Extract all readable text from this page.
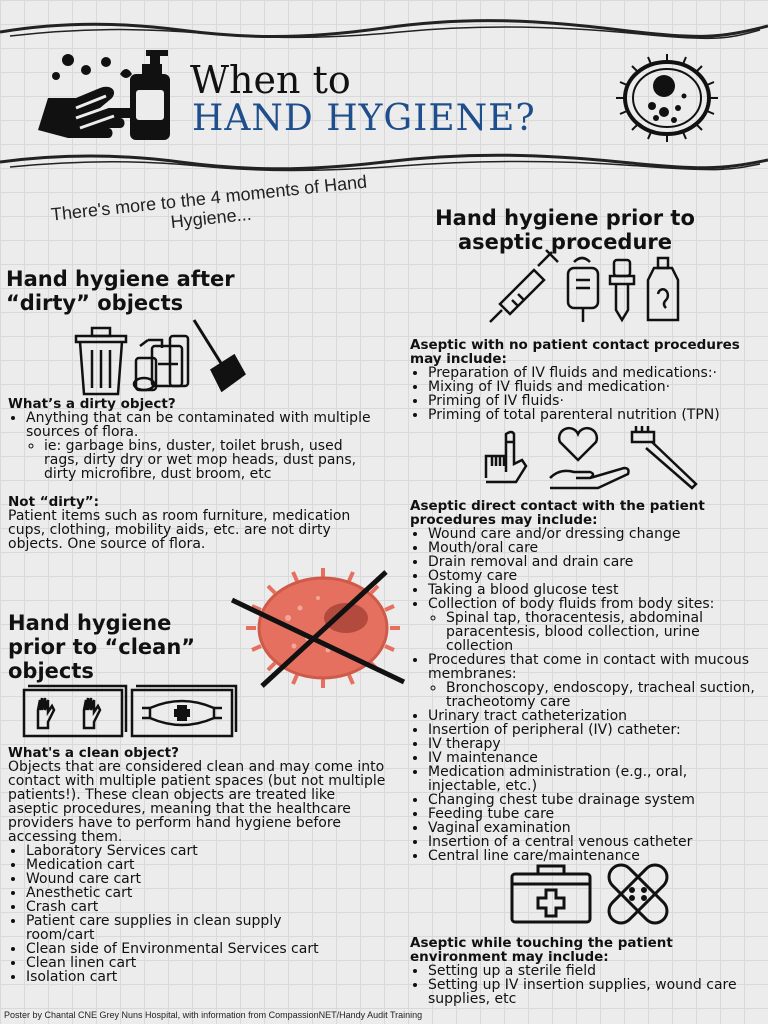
When to
HAND HYGIENE?
There's more to the 4 moments of Hand Hygiene...
Hand hygiene after
“dirty” objects
What’s a dirty object?
• Anything that can be contaminated with multiple sources of flora.
◦ ie: garbage bins, duster, toilet brush, used rags, dirty dry or wet mop heads, dust pans, dirty microfibre, dust broom, etc
Not “dirty”:
Patient items such as room furniture, medication cups, clothing, mobility aids, etc. are not dirty objects. One source of flora.
Hand hygiene
prior to “clean”
objects
What's a clean object?
Objects that are considered clean and may come into contact with multiple patient spaces (but not multiple patients!). These clean objects are treated like aseptic procedures, meaning that the healthcare providers have to perform hand hygiene before accessing them.
• Laboratory Services cart
• Medication cart
• Wound care cart
• Anesthetic cart
• Crash cart
• Patient care supplies in clean supply room/cart
• Clean side of Environmental Services cart
• Clean linen cart
• Isolation cart
Hand hygiene prior to
aseptic procedure
Aseptic with no patient contact procedures may include:
• Preparation of IV fluids and medications:·
• Mixing of IV fluids and medication·
• Priming of IV fluids·
• Priming of total parenteral nutrition (TPN)
Aseptic direct contact with the patient procedures may include:
• Wound care and/or dressing change
• Mouth/oral care
• Drain removal and drain care
• Ostomy care
• Taking a blood glucose test
• Collection of body fluids from body sites:
◦ Spinal tap, thoracentesis, abdominal paracentesis, blood collection, urine collection
• Procedures that come in contact with mucous membranes:
◦ Bronchoscopy, endoscopy, tracheal suction, tracheotomy care
• Urinary tract catheterization
• Insertion of peripheral (IV) catheter:
• IV therapy
• IV maintenance
• Medication administration (e.g., oral, injectable, etc.)
• Changing chest tube drainage system
• Feeding tube care
• Vaginal examination
• Insertion of a central venous catheter
• Central line care/maintenance
Aseptic while touching the patient environment may include:
• Setting up a sterile field
• Setting up IV insertion supplies, wound care supplies, etc
Poster by Chantal CNE Grey Nuns Hospital, with information from CompassionNET/Handy Audit Training
